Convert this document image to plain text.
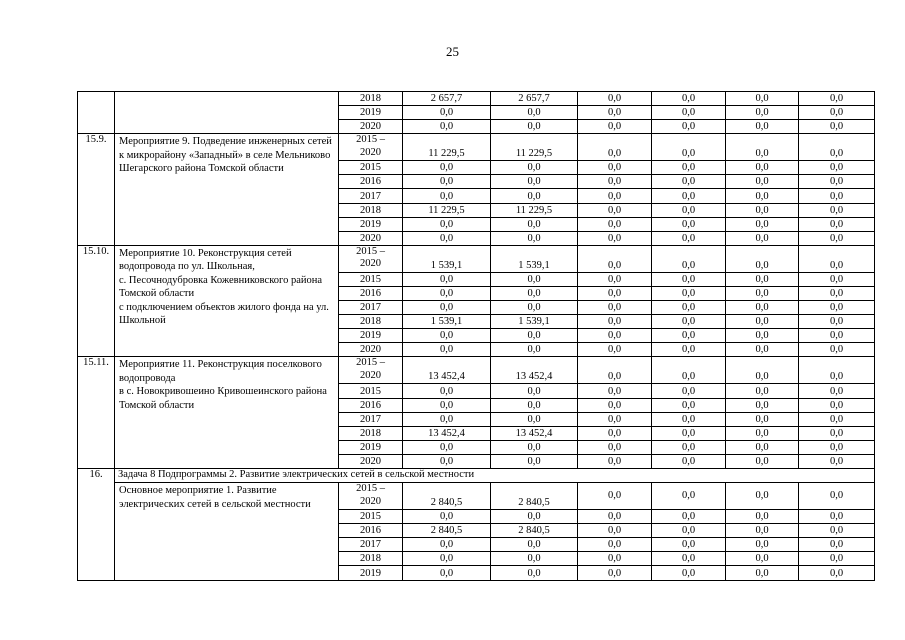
25
		2018	2 657,7	2 657,7	0,0	0,0	0,0	0,0
		2019	0,0	0,0	0,0	0,0	0,0	0,0
		2020	0,0	0,0	0,0	0,0	0,0	0,0
15.9.	Мероприятие 9. Подведение инженерных сетей к микрорайону «Западный» в селе Мельниково Шегарского района Томской области	2015 –
2020	11 229,5	11 229,5	0,0	0,0	0,0	0,0
		2015	0,0	0,0	0,0	0,0	0,0	0,0
		2016	0,0	0,0	0,0	0,0	0,0	0,0
		2017	0,0	0,0	0,0	0,0	0,0	0,0
		2018	11 229,5	11 229,5	0,0	0,0	0,0	0,0
		2019	0,0	0,0	0,0	0,0	0,0	0,0
		2020	0,0	0,0	0,0	0,0	0,0	0,0
15.10.	Мероприятие 10. Реконструкция сетей водопровода по ул. Школьная,
с. Песочнодубровка Кожевниковского района Томской области
с подключением объектов жилого фонда на ул. Школьной	2015 –
2020	1 539,1	1 539,1	0,0	0,0	0,0	0,0
		2015	0,0	0,0	0,0	0,0	0,0	0,0
		2016	0,0	0,0	0,0	0,0	0,0	0,0
		2017	0,0	0,0	0,0	0,0	0,0	0,0
		2018	1 539,1	1 539,1	0,0	0,0	0,0	0,0
		2019	0,0	0,0	0,0	0,0	0,0	0,0
		2020	0,0	0,0	0,0	0,0	0,0	0,0
15.11.	Мероприятие 11. Реконструкция поселкового водопровода
в с. Новокривошеино Кривошеинского района Томской области	2015 –
2020	13 452,4	13 452,4	0,0	0,0	0,0	0,0
		2015	0,0	0,0	0,0	0,0	0,0	0,0
		2016	0,0	0,0	0,0	0,0	0,0	0,0
		2017	0,0	0,0	0,0	0,0	0,0	0,0
		2018	13 452,4	13 452,4	0,0	0,0	0,0	0,0
		2019	0,0	0,0	0,0	0,0	0,0	0,0
		2020	0,0	0,0	0,0	0,0	0,0	0,0
16.	Задача 8 Подпрограммы 2. Развитие электрических сетей в сельской местности							
	Основное мероприятие 1. Развитие электрических сетей в сельской местности	2015 –
2020	2 840,5	2 840,5	0,0	0,0	0,0	0,0
		2015	0,0	0,0	0,0	0,0	0,0	0,0
		2016	2 840,5	2 840,5	0,0	0,0	0,0	0,0
		2017	0,0	0,0	0,0	0,0	0,0	0,0
		2018	0,0	0,0	0,0	0,0	0,0	0,0
		2019	0,0	0,0	0,0	0,0	0,0	0,0
